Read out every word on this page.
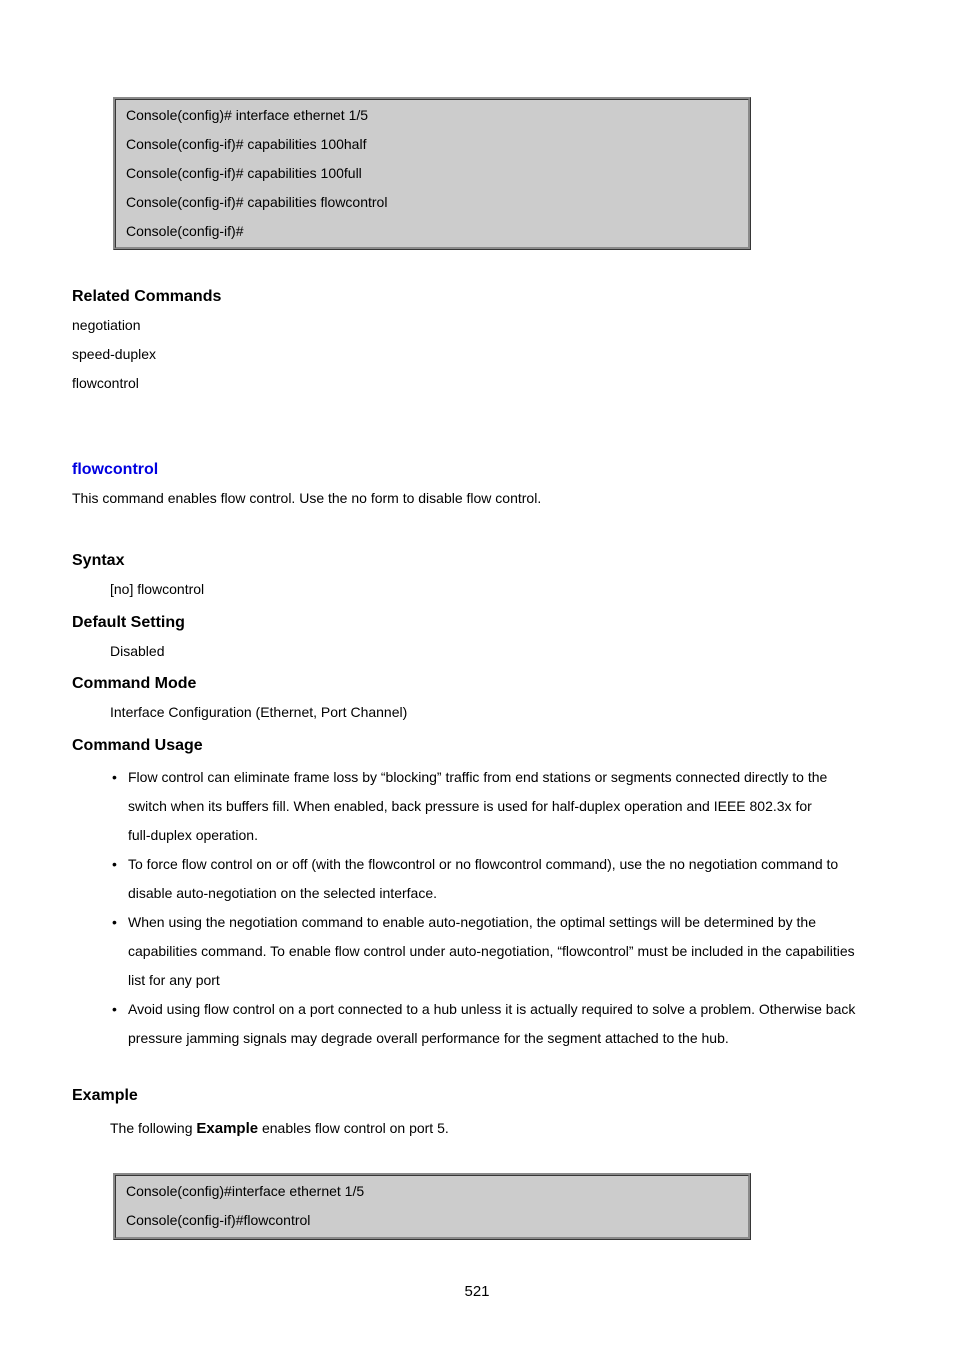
Console(config)# interface ethernet 1/5
Console(config-if)# capabilities 100half
Console(config-if)# capabilities 100full
Console(config-if)# capabilities flowcontrol
Console(config-if)#
Related Commands
negotiation
speed-duplex
flowcontrol
flowcontrol
This command enables flow control. Use the no form to disable flow control.
Syntax
[no] flowcontrol
Default Setting
Disabled
Command Mode
Interface Configuration (Ethernet, Port Channel)
Command Usage
• Flow control can eliminate frame loss by “blocking” traffic from end stations or segments connected directly to the
switch when its buffers fill. When enabled, back pressure is used for half-duplex operation and IEEE 802.3x for
full-duplex operation.
• To force flow control on or off (with the flowcontrol or no flowcontrol command), use the no negotiation command to
disable auto-negotiation on the selected interface.
• When using the negotiation command to enable auto-negotiation, the optimal settings will be determined by the
capabilities command. To enable flow control under auto-negotiation, “flowcontrol” must be included in the capabilities
list for any port
• Avoid using flow control on a port connected to a hub unless it is actually required to solve a problem. Otherwise back
pressure jamming signals may degrade overall performance for the segment attached to the hub.
Example
The following Example enables flow control on port 5.
Console(config)#interface ethernet 1/5
Console(config-if)#flowcontrol
521
